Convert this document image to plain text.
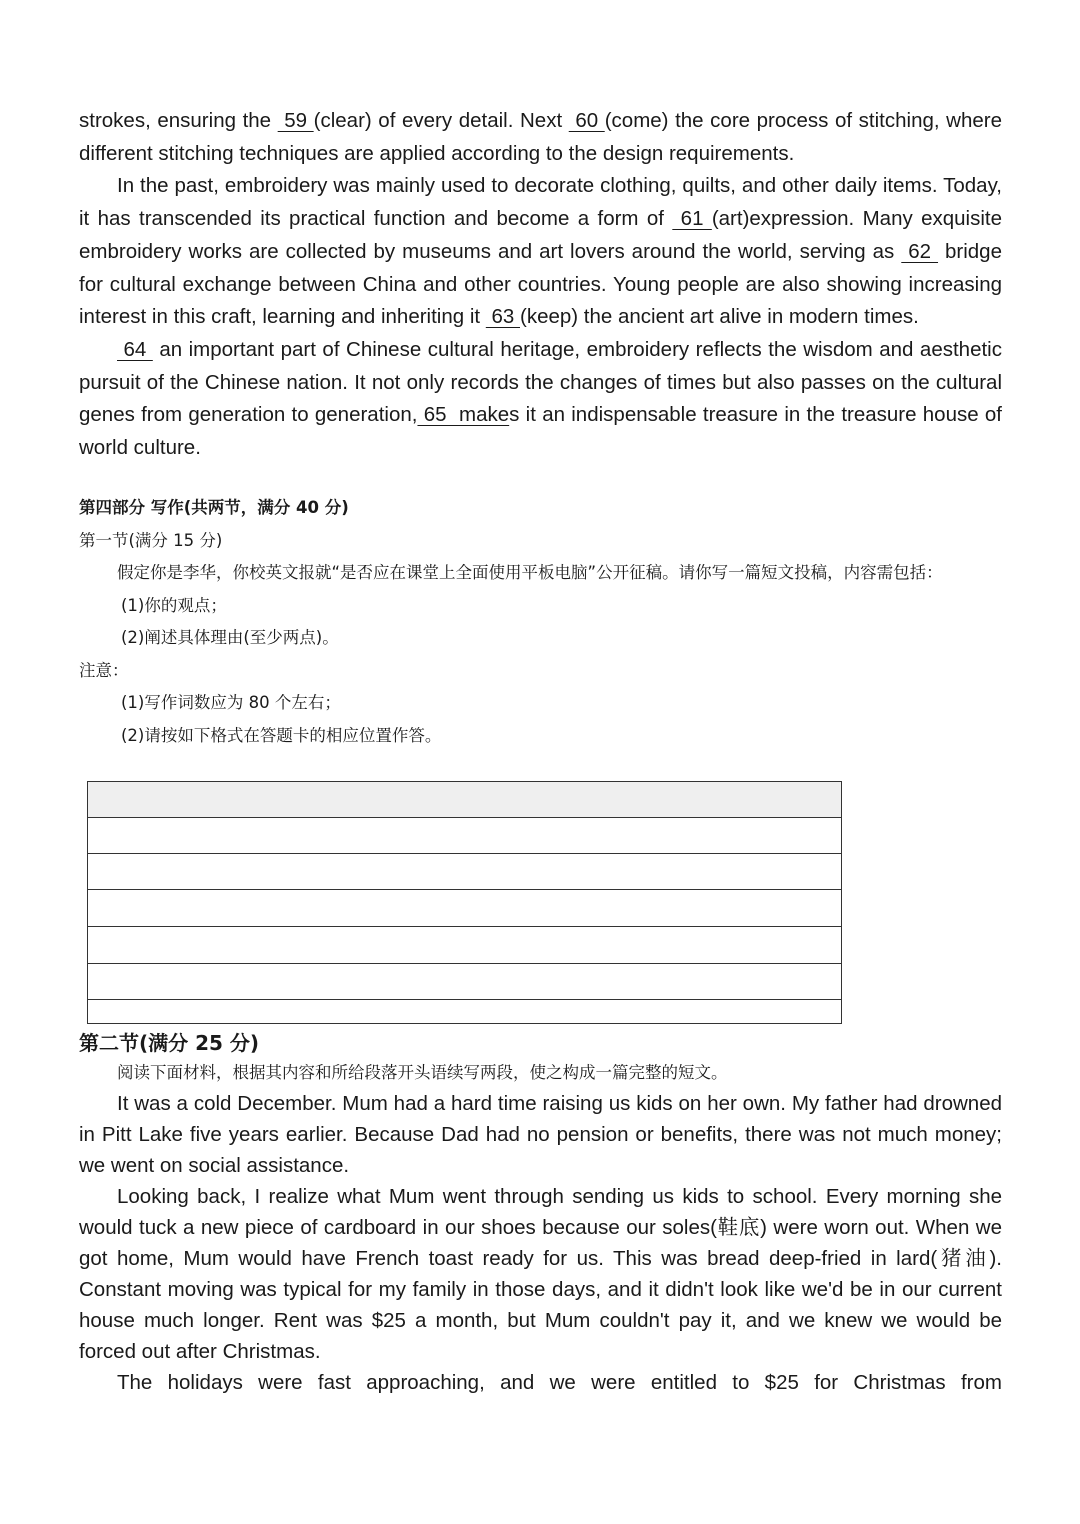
strokes, ensuring the  59 (clear) of every detail. Next  60 (come) the core process of stitching, where different stitching techniques are applied according to the design requirements.

In the past, embroidery was mainly used to decorate clothing, quilts, and other daily items. Today, it has transcended its practical function and become a form of  61 (art)expression. Many exquisite embroidery works are collected by museums and art lovers around the world, serving as  62  bridge for cultural exchange between China and other countries. Young people are also showing increasing interest in this craft, learning and inheriting it  63 (keep) the ancient art alive in modern times.

64  an important part of Chinese cultural heritage, embroidery reflects the wisdom and aesthetic pursuit of the Chinese nation. It not only records the changes of times but also passes on the cultural genes from generation to generation, 65  makes it an indispensable treasure in the treasure house of world culture.

第四部分 写作(共两节，满分 40 分)

第一节(满分 15 分)

假定你是李华，你校英文报就“是否应在课堂上全面使用平板电脑”公开征稿。请你写一篇短文投稿，内容需包括：

(1)你的观点；

(2)阐述具体理由(至少两点)。

注意：

(1)写作词数应为 80 个左右；

(2)请按如下格式在答题卡的相应位置作答。

第二节(满分 25 分)

阅读下面材料，根据其内容和所给段落开头语续写两段，使之构成一篇完整的短文。

It was a cold December. Mum had a hard time raising us kids on her own. My father had drowned in Pitt Lake five years earlier. Because Dad had no pension or benefits, there was not much money; we went on social assistance.

Looking back, I realize what Mum went through sending us kids to school. Every morning she would tuck a new piece of cardboard in our shoes because our soles(鞋底) were worn out. When we got home, Mum would have French toast ready for us. This was bread deep-fried in lard(猪油). Constant moving was typical for my family in those days, and it didn't look like we'd be in our current house much longer. Rent was $25 a month, but Mum couldn't pay it, and we knew we would be forced out after Christmas.

The holidays were fast approaching, and we were entitled to $25 for Christmas from
